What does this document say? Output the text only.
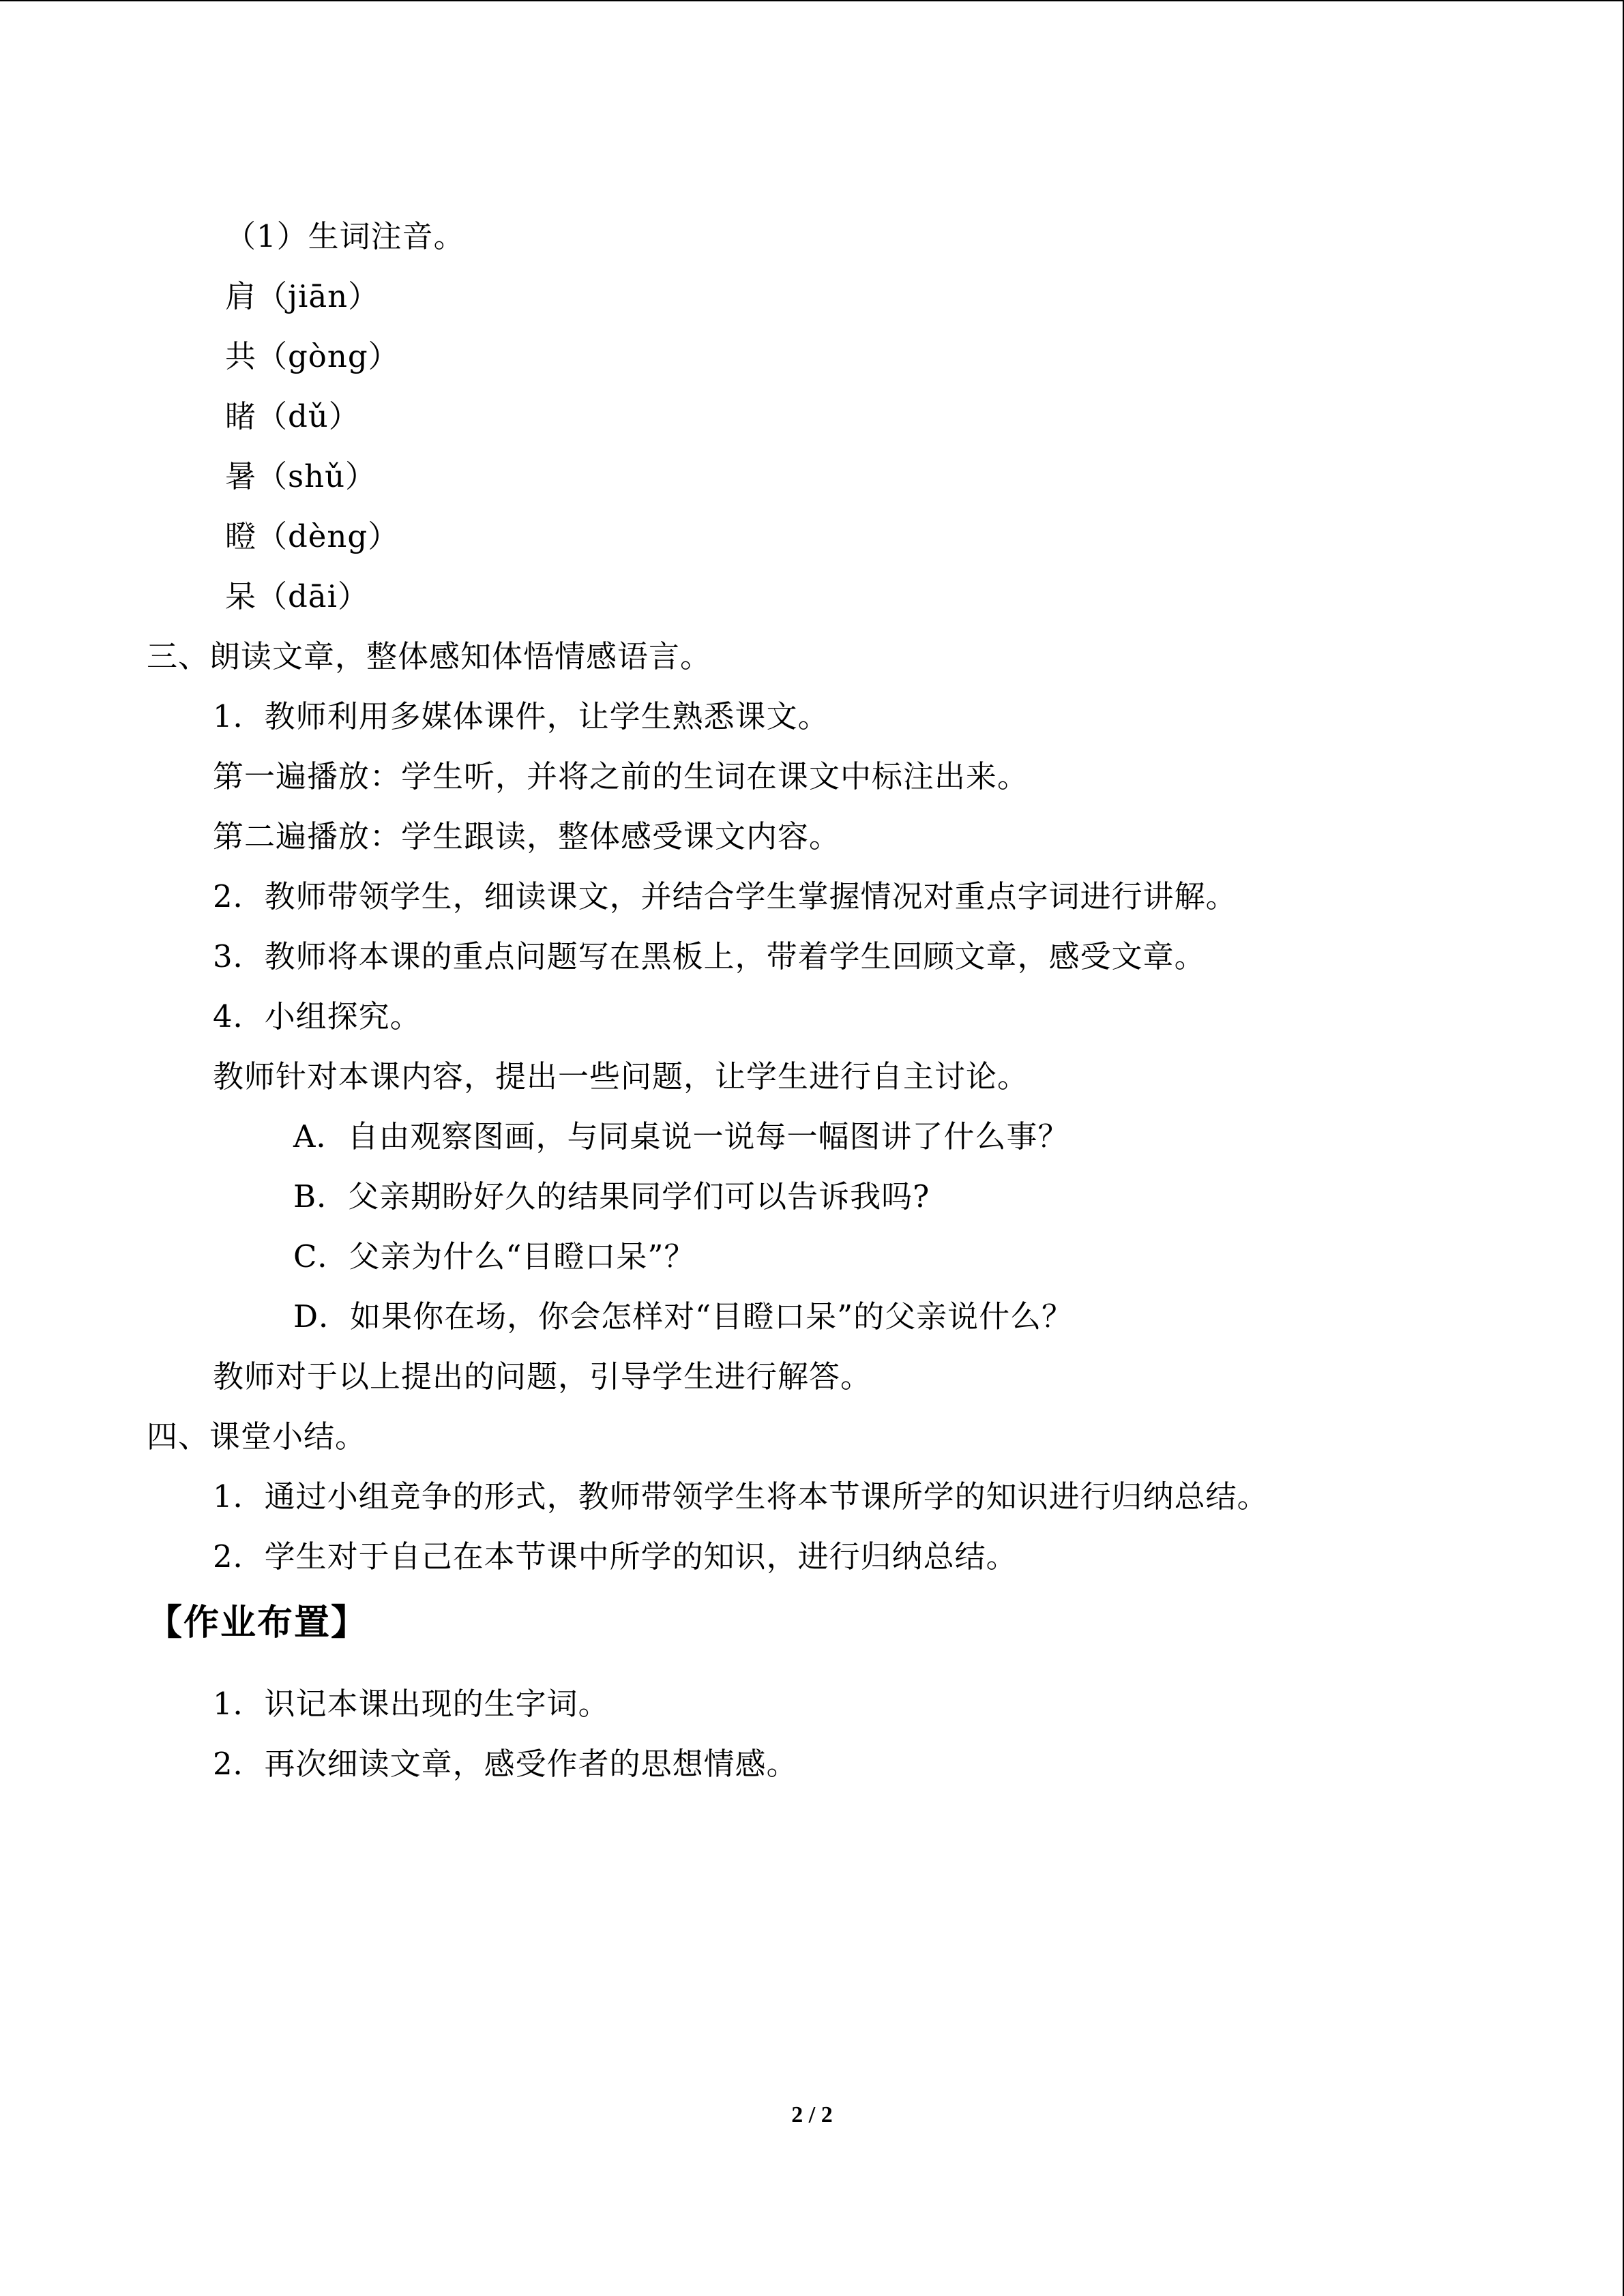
（1）生词注音。
肩（jiān）
共（gòng）
睹（dǔ）
暑（shǔ）
瞪（dèng）
呆（dāi）
三、朗读文章，整体感知体悟情感语言。
1．教师利用多媒体课件，让学生熟悉课文。
第一遍播放：学生听，并将之前的生词在课文中标注出来。
第二遍播放：学生跟读，整体感受课文内容。
2．教师带领学生，细读课文，并结合学生掌握情况对重点字词进行讲解。
3．教师将本课的重点问题写在黑板上，带着学生回顾文章，感受文章。
4．小组探究。
教师针对本课内容，提出一些问题，让学生进行自主讨论。
A．自由观察图画，与同桌说一说每一幅图讲了什么事？
B．父亲期盼好久的结果同学们可以告诉我吗?
C．父亲为什么“目瞪口呆”？
D．如果你在场，你会怎样对“目瞪口呆”的父亲说什么？
教师对于以上提出的问题，引导学生进行解答。
四、课堂小结。
1．通过小组竞争的形式，教师带领学生将本节课所学的知识进行归纳总结。
2．学生对于自己在本节课中所学的知识，进行归纳总结。
【作业布置】
1．识记本课出现的生字词。
2．再次细读文章，感受作者的思想情感。
2 / 2
